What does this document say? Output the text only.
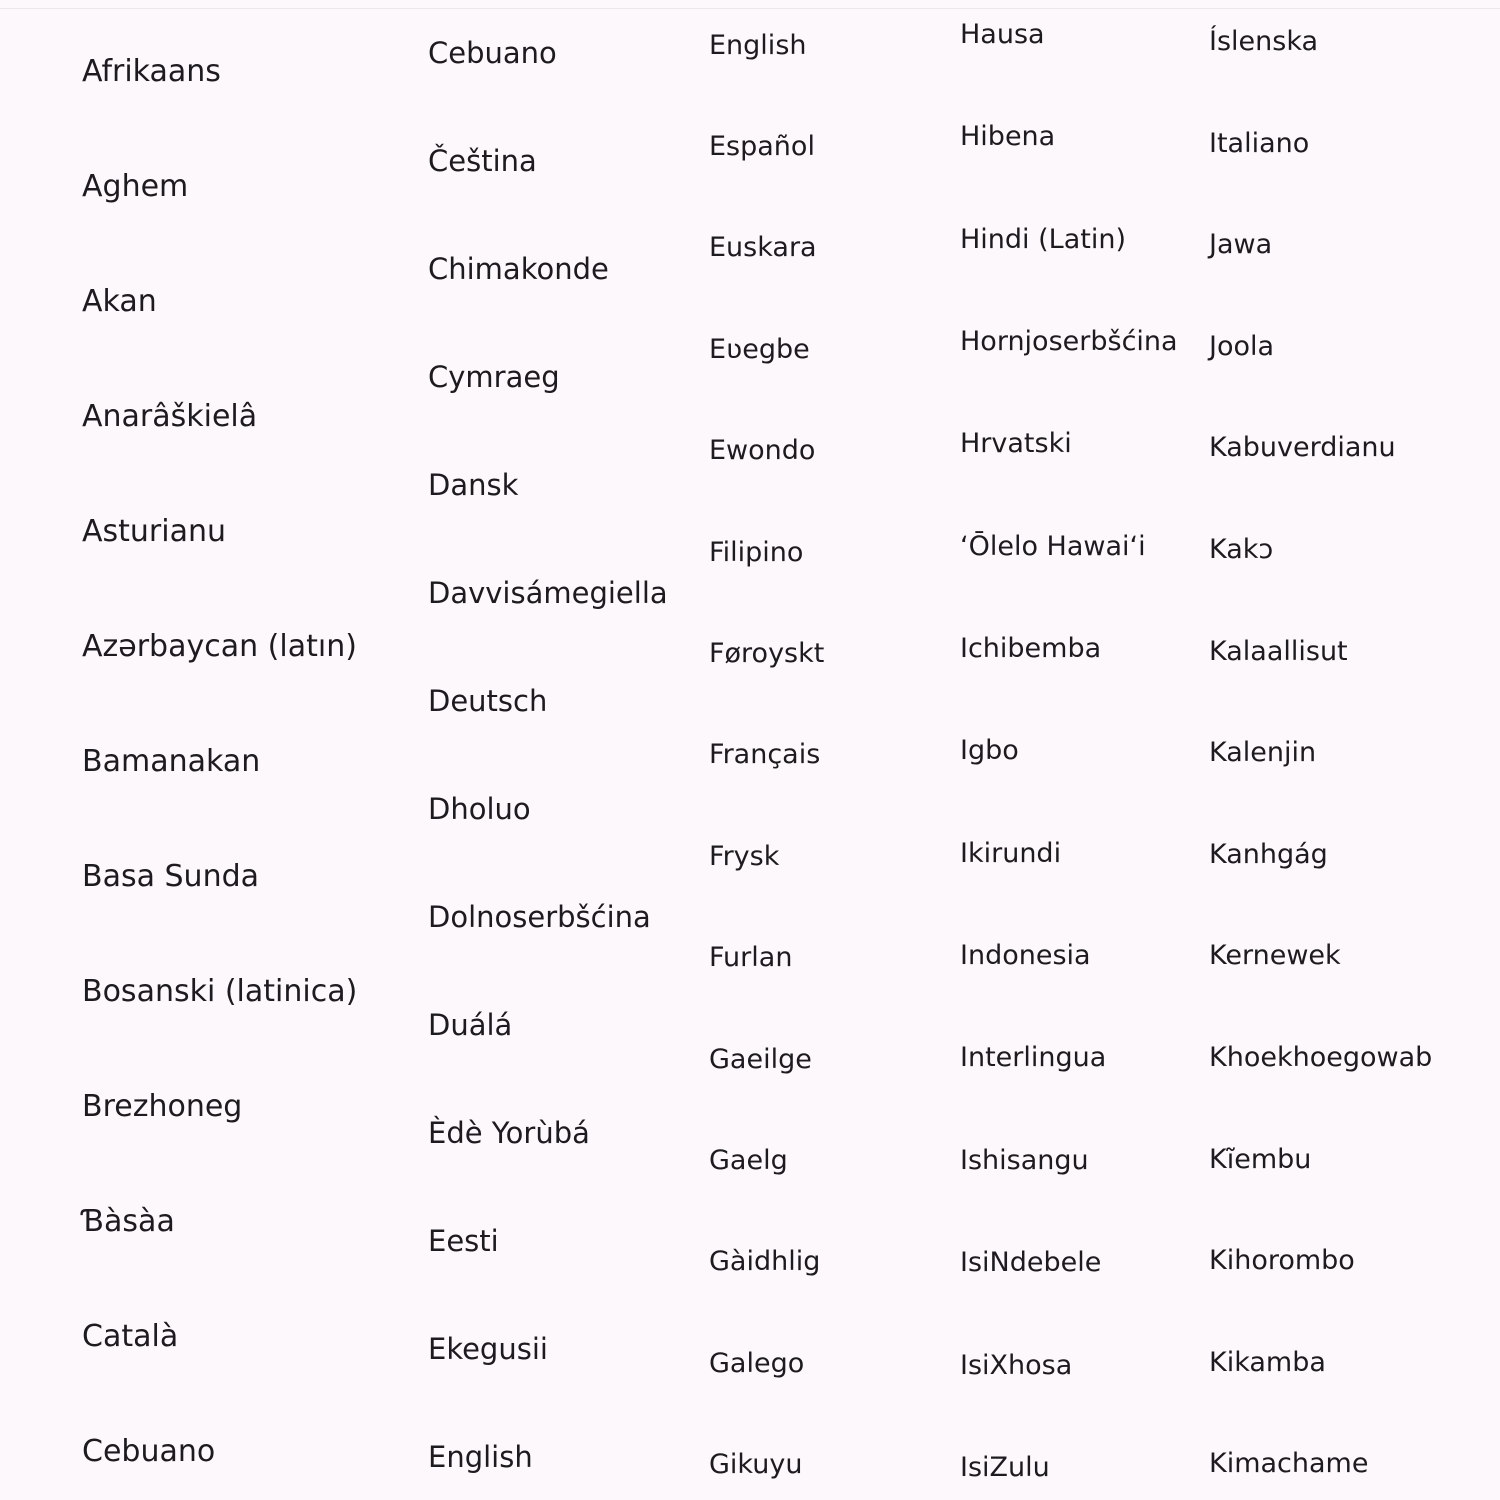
Afrikaans
Aghem
Akan
Anarâškielâ
Asturianu
Azərbaycan (latın)
Bamanakan
Basa Sunda
Bosanski (latinica)
Brezhoneg
Ɓàsàa
Català
Cebuano
Cebuano
Čeština
Chimakonde
Cymraeg
Dansk
Davvisámegiella
Deutsch
Dholuo
Dolnoserbšćina
Duálá
Èdè Yorùbá
Eesti
Ekegusii
English
English
Español
Euskara
Eʋegbe
Ewondo
Filipino
Føroyskt
Français
Frysk
Furlan
Gaeilge
Gaelg
Gàidhlig
Galego
Gikuyu
Hausa
Hibena
Hindi (Latin)
Hornjoserbšćina
Hrvatski
ʻŌlelo Hawaiʻi
Ichibemba
Igbo
Ikirundi
Indonesia
Interlingua
Ishisangu
IsiNdebele
IsiXhosa
IsiZulu
Íslenska
Italiano
Jawa
Joola
Kabuverdianu
Kakɔ
Kalaallisut
Kalenjin
Kanhgág
Kernewek
Khoekhoegowab
Kĩembu
Kihorombo
Kikamba
Kimachame
